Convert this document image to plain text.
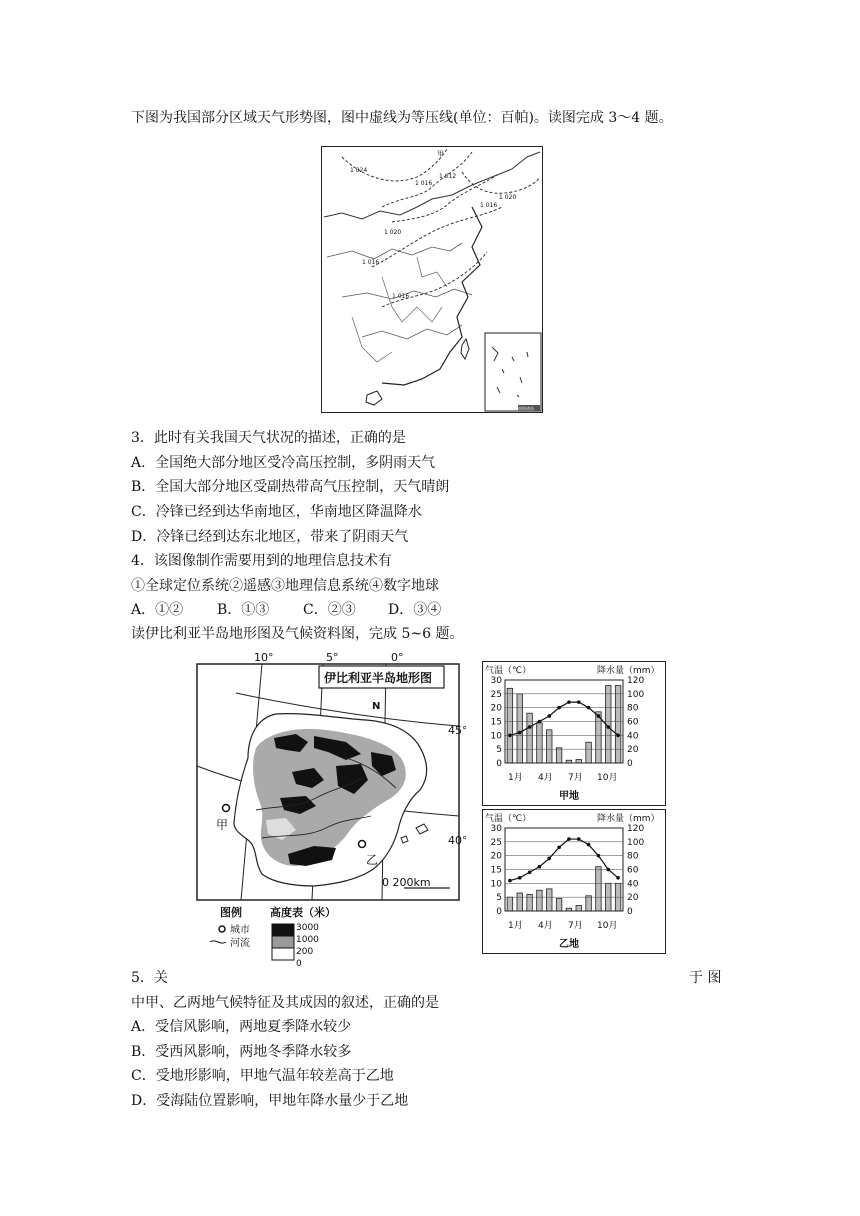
下图为我国部分区域天气形势图，图中虚线为等压线(单位：百帕)。读图完成 3～4 题。
甲
1 024
1 012
1 016
1 020
1 016
1 020
1 016
1 016
南海诸岛
3．此时有关我国天气状况的描述，正确的是
A．全国绝大部分地区受冷高压控制，多阴雨天气
B．全国大部分地区受副热带高气压控制，天气晴朗
C．冷锋已经到达华南地区，华南地区降温降水
D．冷锋已经到达东北地区，带来了阴雨天气
4．该图像制作需要用到的地理信息技术有
①全球定位系统②遥感③地理信息系统④数字地球
A．①② B．①③ C．②③ D．③④
读伊比利亚半岛地形图及气候资料图，完成 5~6 题。
10°	5°	0°
伊比利亚半岛地形图
N
45°
40°
甲
乙
0 200km
图例
城市
河流
高度表（米）
3000
1000
200
0
气温（℃）	降水量（mm）
30
25
20
15
10
5
0
120
100
80
60
40
20
0
1月 4月 7月 10月
甲地
气温（℃）	降水量（mm）
30
25
20
15
10
5
0
120
100
80
60
40
20
0
1月 4月 7月 10月
乙地
5．关	于 图
中甲、乙两地气候特征及其成因的叙述，正确的是
A．受信风影响，两地夏季降水较少
B．受西风影响，两地冬季降水较多
C．受地形影响，甲地气温年较差高于乙地
D．受海陆位置影响，甲地年降水量少于乙地
